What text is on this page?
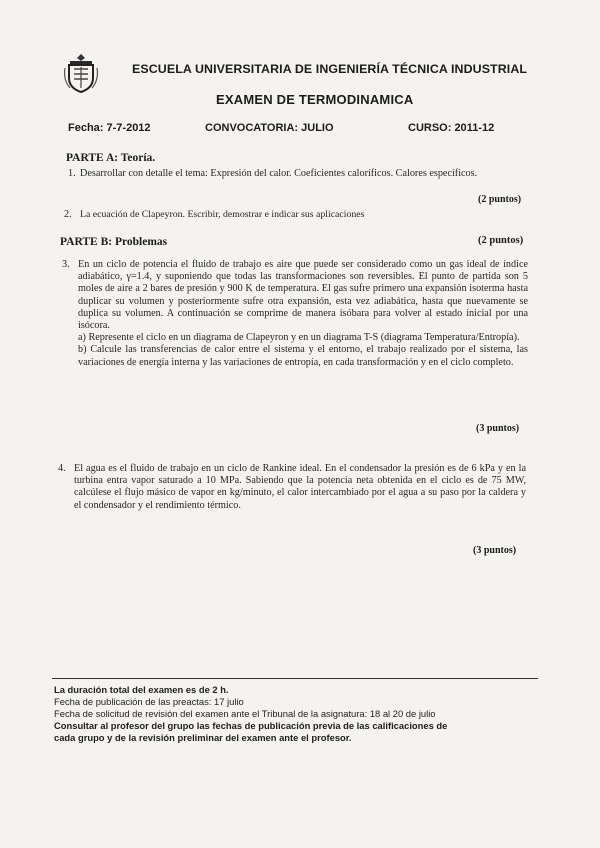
ESCUELA UNIVERSITARIA DE INGENIERÍA TÉCNICA INDUSTRIAL
EXAMEN DE TERMODINAMICA
Fecha: 7-7-2012	CONVOCATORIA: JULIO	CURSO: 2011-12
PARTE A: Teoría.
1. Desarrollar con detalle el tema: Expresión del calor. Coeficientes caloríficos. Calores específicos.
(2 puntos)
2. La ecuación de Clapeyron. Escribir, demostrar e indicar sus aplicaciones
PARTE B: Problemas	(2 puntos)
3. En un ciclo de potencia el fluido de trabajo es aire que puede ser considerado como un gas ideal de índice adiabático, γ=1.4, y suponiendo que todas las transformaciones son reversibles. El punto de partida son 5 moles de aire a 2 bares de presión y 900 K de temperatura. El gas sufre primero una expansión isoterma hasta duplicar su volumen y posteriormente sufre otra expansión, esta vez adiabática, hasta que nuevamente se duplica su volumen. A continuación se comprime de manera isóbara para volver al estado inicial por una isócora.
a) Represente el ciclo en un diagrama de Clapeyron y en un diagrama T-S (diagrama Temperatura/Entropía).
b) Calcule las transferencias de calor entre el sistema y el entorno, el trabajo realizado por el sistema, las variaciones de energía interna y las variaciones de entropía, en cada transformación y en el ciclo completo.
(3 puntos)
4. El agua es el fluido de trabajo en un ciclo de Rankine ideal. En el condensador la presión es de 6 kPa y en la turbina entra vapor saturado a 10 MPa. Sabiendo que la potencia neta obtenida en el ciclo es de 75 MW, calcúlese el flujo másico de vapor en kg/minuto, el calor intercambiado por el agua a su paso por la caldera y el condensador y el rendimiento térmico.
(3 puntos)
La duración total del examen es de 2 h.
Fecha de publicación de las preactas: 17 julio
Fecha de solicitud de revisión del examen ante el Tribunal de la asignatura: 18 al 20 de julio
Consultar al profesor del grupo las fechas de publicación previa de las calificaciones de
cada grupo y de la revisión preliminar del examen ante el profesor.
